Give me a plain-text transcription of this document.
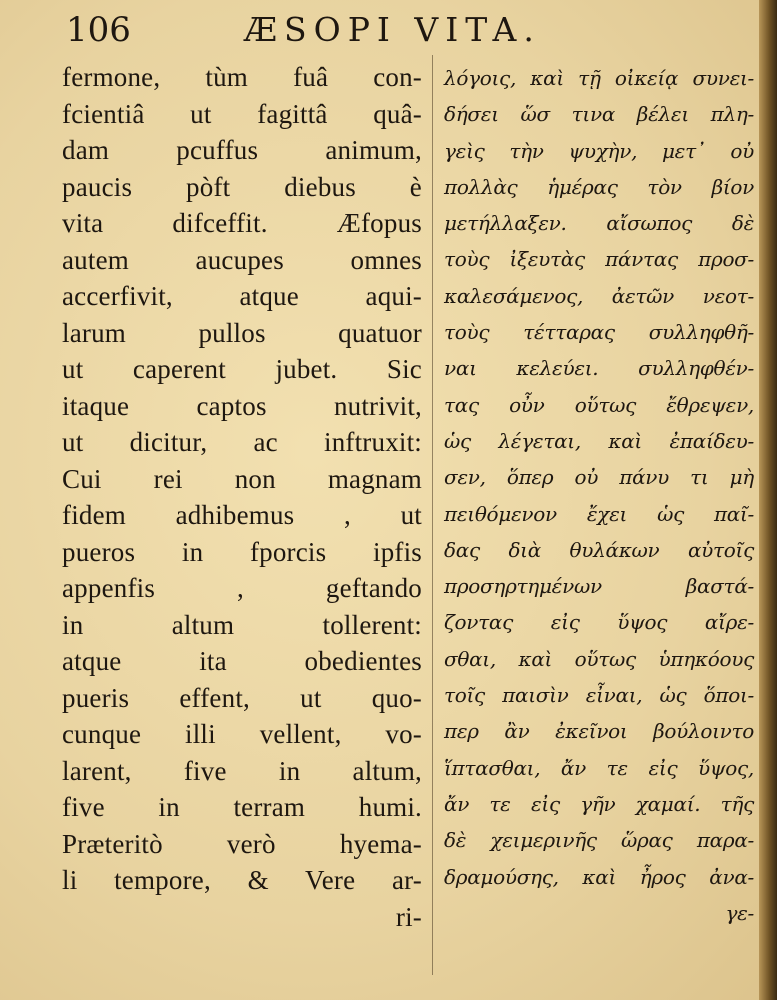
106	ÆSOPI VITA.
fermone, tùm fuâ con-
fcientiâ ut fagittâ quâ-
dam pcuffus animum,
paucis pòft diebus è
vita difceffit. Æfopus
autem aucupes omnes
accerfivit, atque aqui-
larum pullos quatuor
ut caperent jubet. Sic
itaque captos nutrivit,
ut dicitur, ac inftruxit:
Cui rei non magnam
fidem adhibemus , ut
pueros in fporcis ipfis
appenfis , geftando
in altum tollerent:
atque ita obedientes
pueris effent, ut quo-
cunque illi vellent, vo-
larent, five in altum,
five in terram humi.
Præteritò verò hyema-
li tempore, & Vere ar-
ri-
λόγοις, καὶ τῇ οἰκείᾳ συνει-
δήσει ὥσ τινα βέλει πλη-
γεὶς τὴν ψυχὴν, μετ᾽ οὐ
πολλὰς ἡμέρας τὸν βίον
μετήλλαξεν. αἴσωπος δὲ
τοὺς ἰξευτὰς πάντας προσ-
καλεσάμενος, ἀετῶν νεοτ-
τοὺς τέτταρας συλληφθῆ-
ναι κελεύει. συλληφθέν-
τας οὖν οὕτως ἔθρεψεν,
ὡς λέγεται, καὶ ἐπαίδευ-
σεν, ὅπερ οὐ πάνυ τι μὴ
πειθόμενον ἔχει ὡς παῖ-
δας διὰ θυλάκων αὐτοῖς
προσηρτημένων βαστά-
ζοντας εἰς ὕψος αἴρε-
σθαι, καὶ οὕτως ὑπηκόους
τοῖς παισὶν εἶναι, ὡς ὅποι-
περ ἂν ἐκεῖνοι βούλοιντο
ἵπτασθαι, ἄν τε εἰς ὕψος,
ἄν τε εἰς γῆν χαμαί. τῆς
δὲ χειμερινῆς ὥρας παρα-
δραμούσης, καὶ ἦρος ἀνα-
γε-
